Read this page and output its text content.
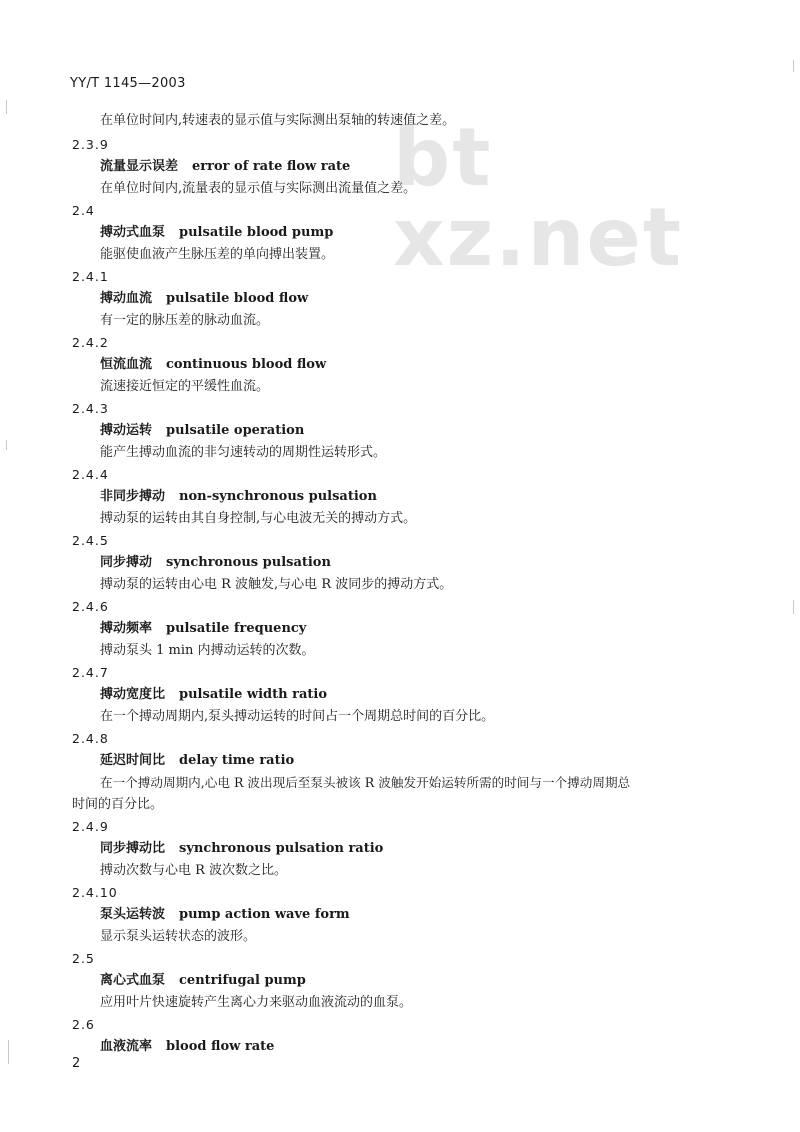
bt xz.net
YY/T 1145—2003
在单位时间内,转速表的显示值与实际测出泵轴的转速值之差。
2.3.9
流量显示误差 error of rate flow rate
在单位时间内,流量表的显示值与实际测出流量值之差。
2.4
搏动式血泵 pulsatile blood pump
能驱使血液产生脉压差的单向搏出装置。
2.4.1
搏动血流 pulsatile blood flow
有一定的脉压差的脉动血流。
2.4.2
恒流血流 continuous blood flow
流速接近恒定的平缓性血流。
2.4.3
搏动运转 pulsatile operation
能产生搏动血流的非匀速转动的周期性运转形式。
2.4.4
非同步搏动 non-synchronous pulsation
搏动泵的运转由其自身控制,与心电波无关的搏动方式。
2.4.5
同步搏动 synchronous pulsation
搏动泵的运转由心电 R 波触发,与心电 R 波同步的搏动方式。
2.4.6
搏动频率 pulsatile frequency
搏动泵头 1 min 内搏动运转的次数。
2.4.7
搏动宽度比 pulsatile width ratio
在一个搏动周期内,泵头搏动运转的时间占一个周期总时间的百分比。
2.4.8
延迟时间比 delay time ratio
在一个搏动周期内,心电 R 波出现后至泵头被该 R 波触发开始运转所需的时间与一个搏动周期总
时间的百分比。
2.4.9
同步搏动比 synchronous pulsation ratio
搏动次数与心电 R 波次数之比。
2.4.10
泵头运转波 pump action wave form
显示泵头运转状态的波形。
2.5
离心式血泵 centrifugal pump
应用叶片快速旋转产生离心力来驱动血液流动的血泵。
2.6
血液流率 blood flow rate
2
